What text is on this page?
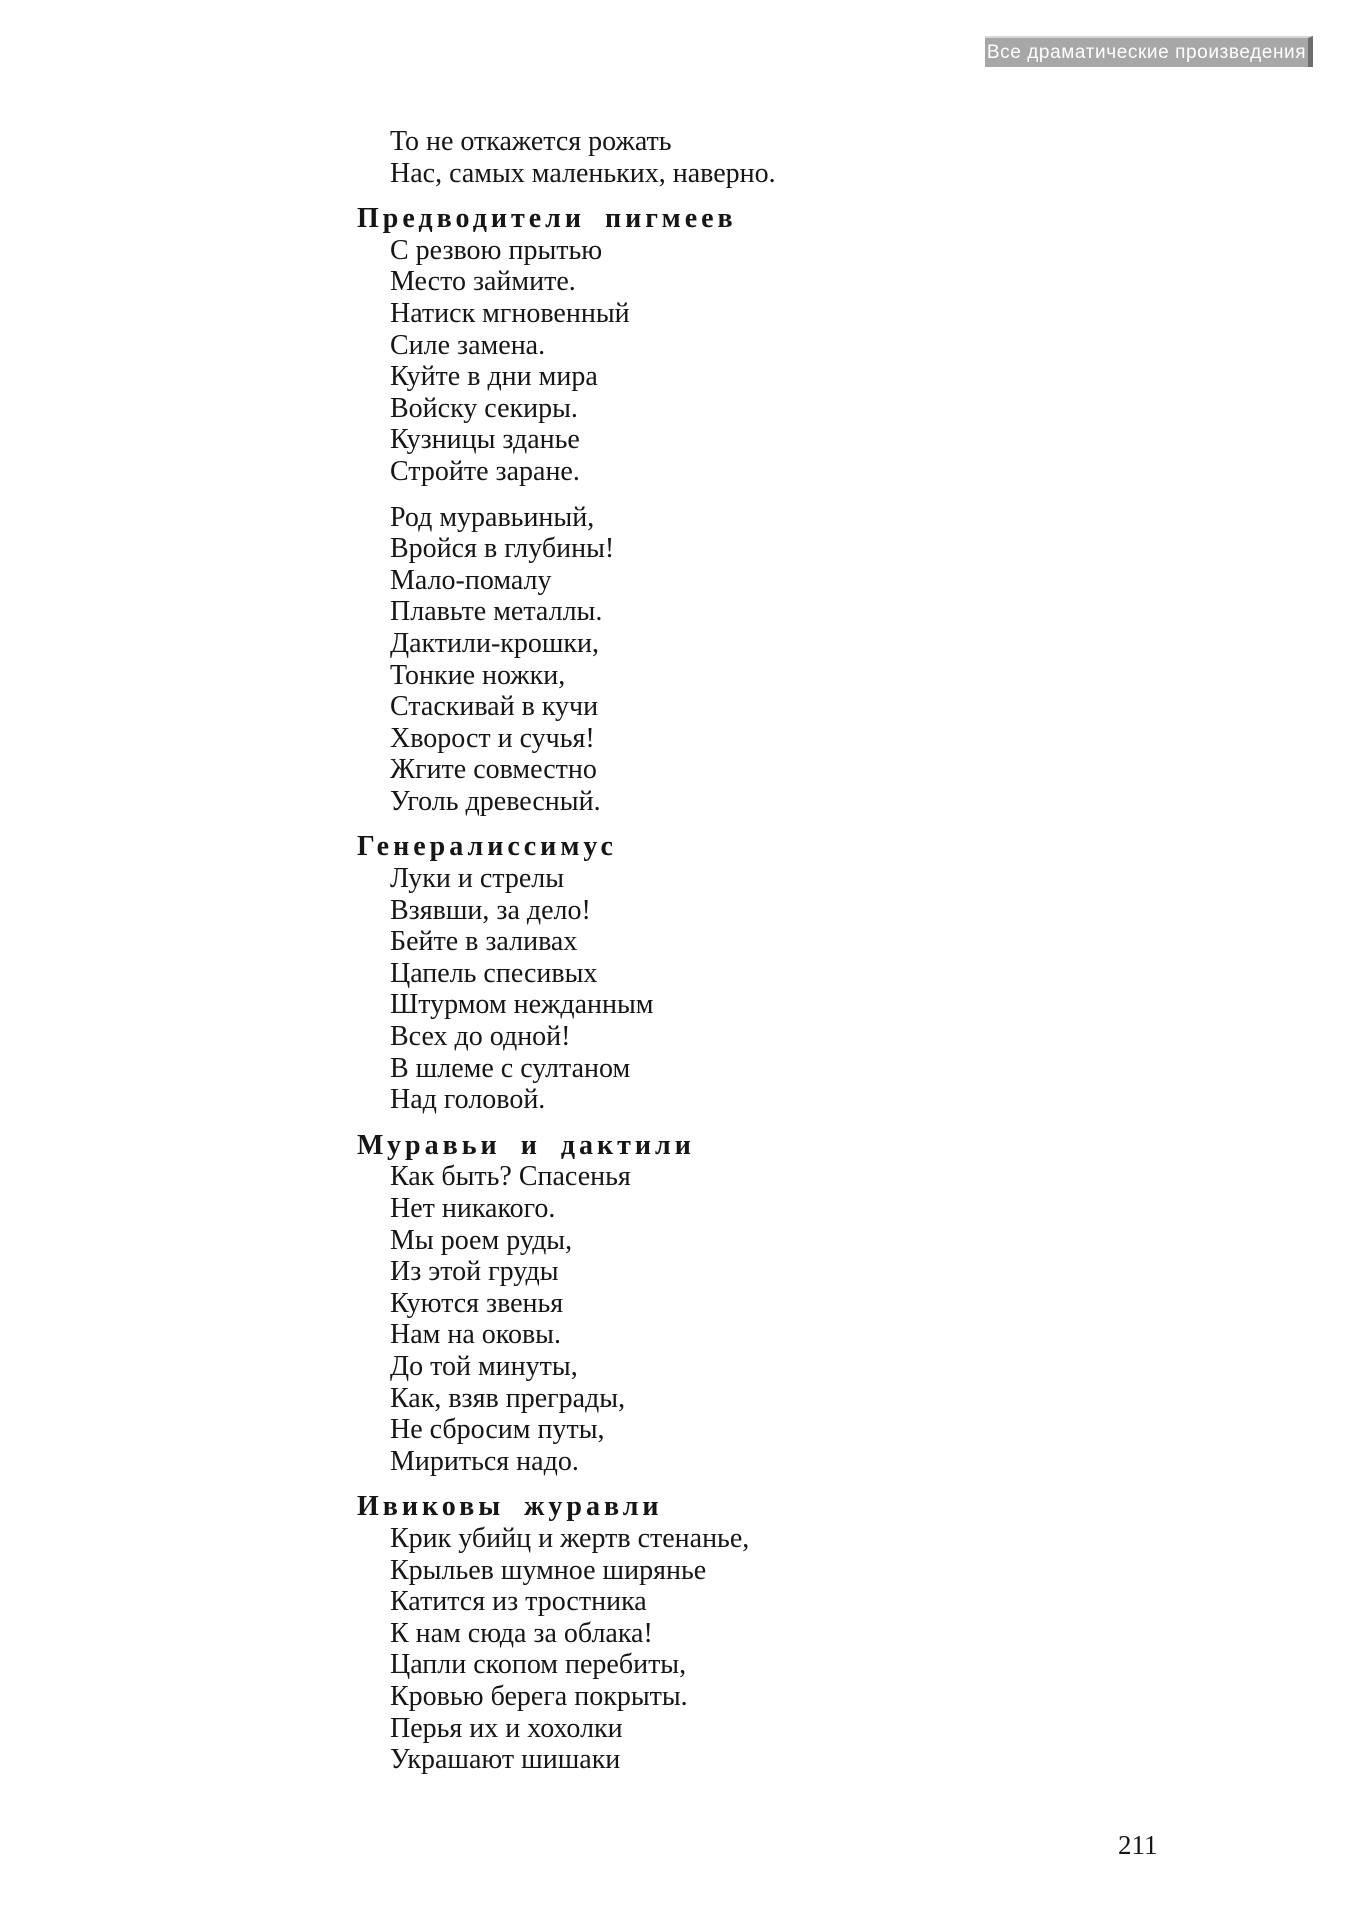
Все драматические произведения
То не откажется рожать
Нас, самых маленьких, наверно.
Предводители пигмеев
С резвою прытью
Место займите.
Натиск мгновенный
Силе замена.
Куйте в дни мира
Войску секиры.
Кузницы зданье
Стройте заране.
Род муравьиный,
Вройся в глубины!
Мало-помалу
Плавьте металлы.
Дактили-крошки,
Тонкие ножки,
Стаскивай в кучи
Хворост и сучья!
Жгите совместно
Уголь древесный.
Генералиссимус
Луки и стрелы
Взявши, за дело!
Бейте в заливах
Цапель спесивых
Штурмом нежданным
Всех до одной!
В шлеме с султаном
Над головой.
Муравьи и дактили
Как быть? Спасенья
Нет никакого.
Мы роем руды,
Из этой груды
Куются звенья
Нам на оковы.
До той минуты,
Как, взяв преграды,
Не сбросим путы,
Мириться надо.
Ивиковы журавли
Крик убийц и жертв стенанье,
Крыльев шумное ширянье
Катится из тростника
К нам сюда за облака!
Цапли скопом перебиты,
Кровью берега покрыты.
Перья их и хохолки
Украшают шишаки
211
